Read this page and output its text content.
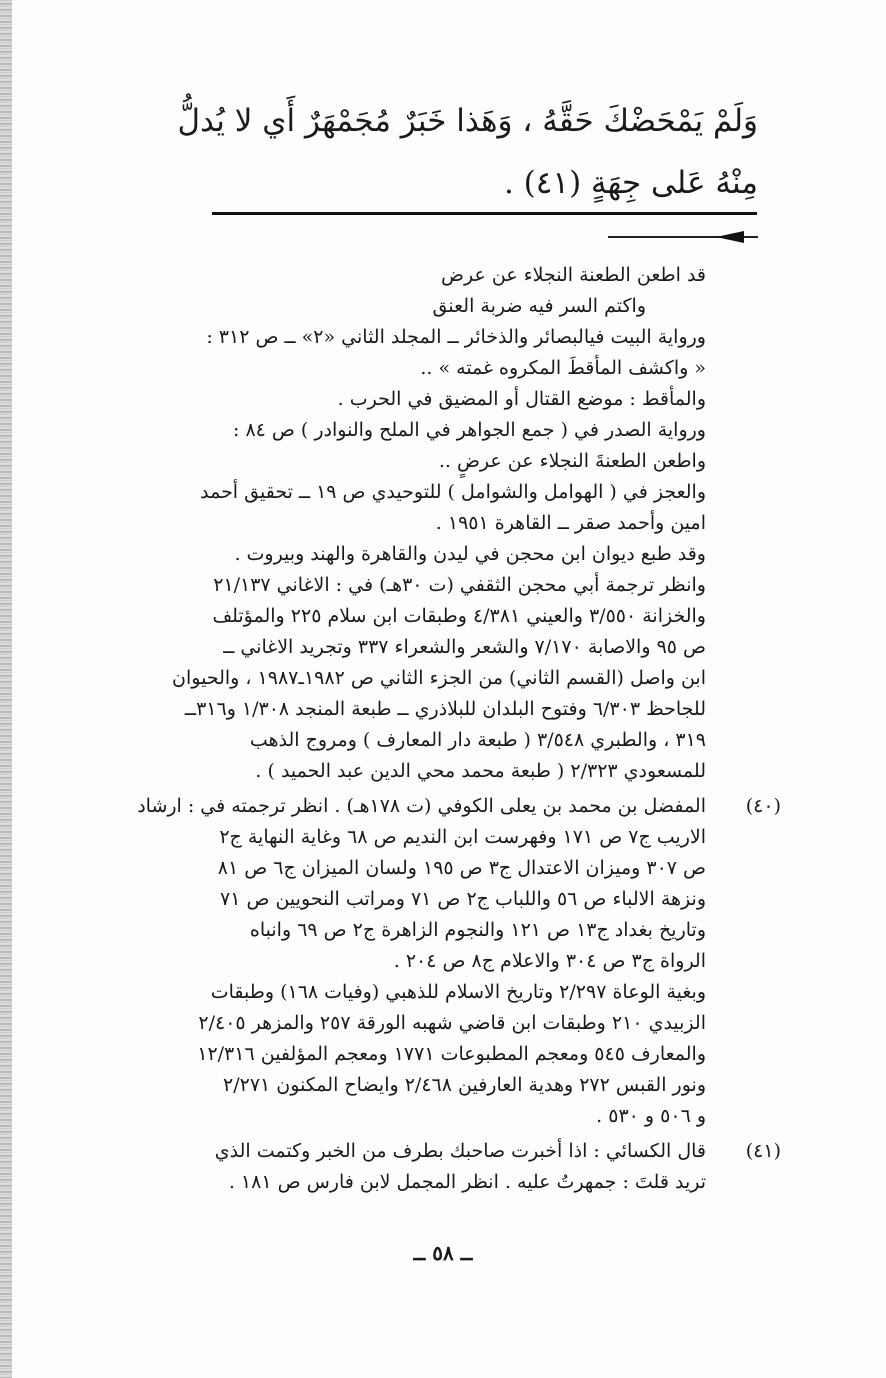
وَلَمْ يَمْحَضْكَ حَقَّهُ ، وَهَذا خَبَرٌ مُجَمْهَرٌ أَي لا يُدلُّ
مِنْهُ عَلى جِهَةٍ (٤١) .
قد اطعن الطعنة النجلاء عن عرض
واكتم السر فيه ضربة العنق
ورواية البيت فيالبصائر والذخائر ــ المجلد الثاني «٢» ــ ص ٣١٢ :
« واكشف المأقطَ المكروه غمته » ..
والمأقط : موضع القتال أو المضيق في الحرب .
ورواية الصدر في ( جمع الجواهر في الملح والنوادر ) ص ٨٤ :
واطعن الطعنةَ النجلاء عن عرضٍ ..
والعجز في ( الهوامل والشوامل ) للتوحيدي ص ١٩ ــ تحقيق أحمد
امين وأحمد صقر ــ القاهرة ١٩٥١ .
وقد طبع ديوان ابن محجن في ليدن والقاهرة والهند وبيروت .
وانظر ترجمة أبي محجن الثقفي (ت ٣٠هـ) في : الاغاني ٢١/١٣٧
والخزانة ٣/٥٥٠ والعيني ٤/٣٨١ وطبقات ابن سلام ٢٢٥ والمؤتلف
ص ٩٥ والاصابة ٧/١٧٠ والشعر والشعراء ٣٣٧ وتجريد الاغاني ــ
ابن واصل (القسم الثاني) من الجزء الثاني ص ١٩٨٢ـ١٩٨٧ ، والحيوان
للجاحظ ٦/٣٠٣ وفتوح البلدان للبلاذري ــ طبعة المنجد ١/٣٠٨ و٣١٦ــ
٣١٩ ، والطبري ٣/٥٤٨ ( طبعة دار المعارف ) ومروج الذهب
للمسعودي ٢/٣٢٣ ( طبعة محمد محي الدين عبد الحميد ) .
(٤٠)
المفضل بن محمد بن يعلى الكوفي (ت ١٧٨هـ) . انظر ترجمته في : ارشاد
الاريب ج٧ ص ١٧١ وفهرست ابن النديم ص ٦٨ وغاية النهاية ج٢
ص ٣٠٧ وميزان الاعتدال ج٣ ص ١٩٥ ولسان الميزان ج٦ ص ٨١
ونزهة الالباء ص ٥٦ واللباب ج٢ ص ٧١ ومراتب النحويين ص ٧١
وتاريخ بغداد ج١٣ ص ١٢١ والنجوم الزاهرة ج٢ ص ٦٩ وانباه
الرواة ج٣ ص ٣٠٤ والاعلام ج٨ ص ٢٠٤ .
وبغية الوعاة ٢/٢٩٧ وتاريخ الاسلام للذهبي (وفيات ١٦٨) وطبقات
الزبيدي ٢١٠ وطبقات ابن قاضي شهبه الورقة ٢٥٧ والمزهر ٢/٤٠٥
والمعارف ٥٤٥ ومعجم المطبوعات ١٧٧١ ومعجم المؤلفين ١٢/٣١٦
ونور القبس ٢٧٢ وهدية العارفين ٢/٤٦٨ وايضاح المكنون ٢/٢٧١
و ٥٠٦ و ٥٣٠ .
(٤١)
قال الكسائي : اذا أخبرت صاحبك بطرف من الخبر وكتمت الذي
تريد قلتَ : جمهرتُ عليه . انظر المجمل لابن فارس ص ١٨١ .
ــ ٥٨ ــ
